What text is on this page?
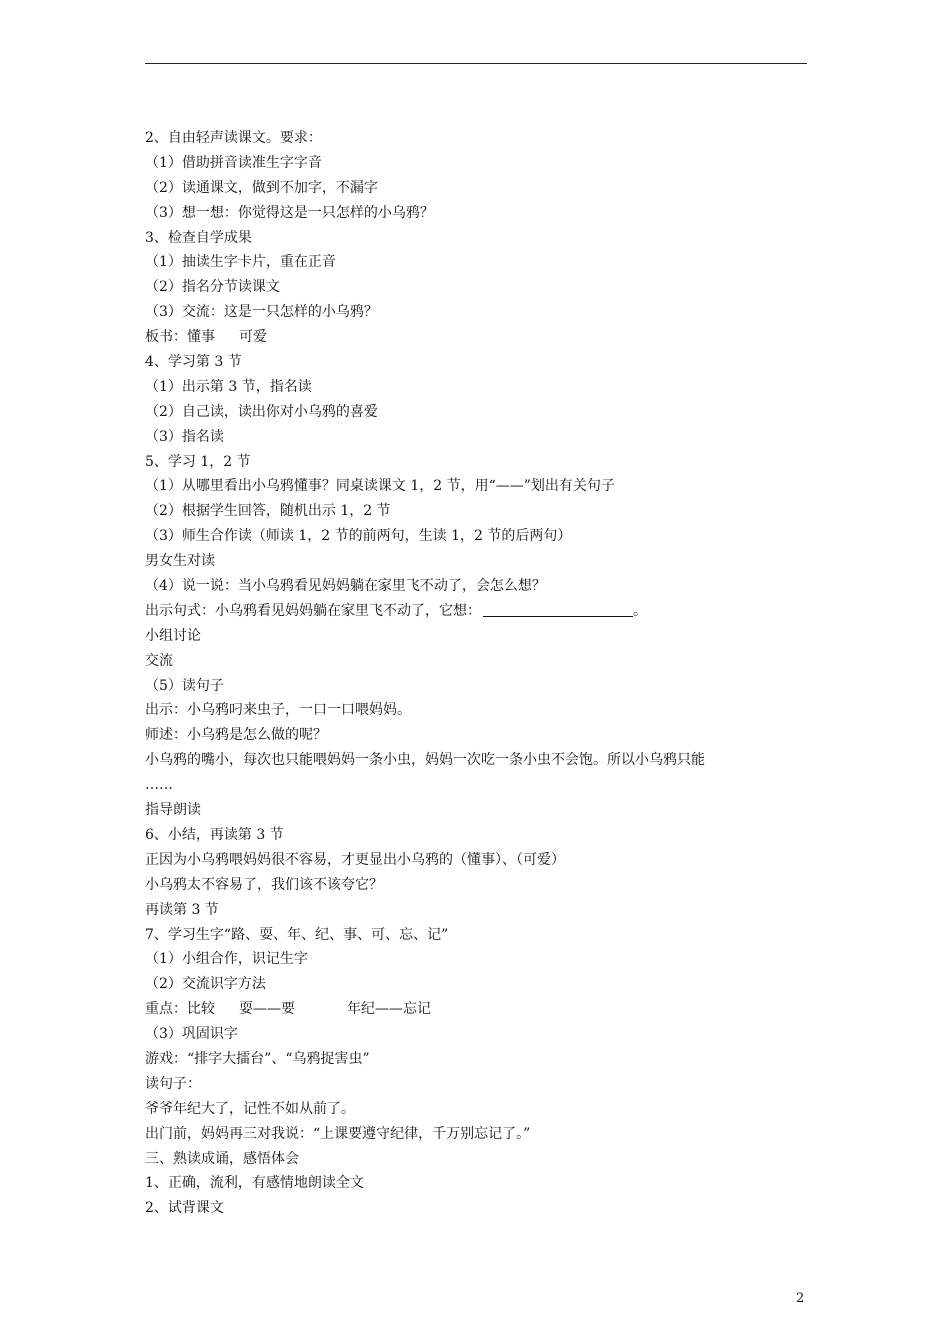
2、自由轻声读课文。要求：
（1）借助拼音读准生字字音
（2）读通课文，做到不加字，不漏字
（3）想一想：你觉得这是一只怎样的小乌鸦？
3、检查自学成果
（1）抽读生字卡片，重在正音
（2）指名分节读课文
（3）交流：这是一只怎样的小乌鸦？
板书：懂事 可爱
4、学习第 3 节
（1）出示第 3 节，指名读
（2）自己读，读出你对小乌鸦的喜爱
（3）指名读
5、学习 1，2 节
（1）从哪里看出小乌鸦懂事？同桌读课文 1，2 节，用“——”划出有关句子
（2）根据学生回答，随机出示 1，2 节
（3）师生合作读（师读 1，2 节的前两句，生读 1，2 节的后两句）
男女生对读
（4）说一说：当小乌鸦看见妈妈躺在家里飞不动了，会怎么想？
出示句式：小乌鸦看见妈妈躺在家里飞不动了，它想：	。
小组讨论
交流
（5）读句子
出示：小乌鸦叼来虫子，一口一口喂妈妈。
师述：小乌鸦是怎么做的呢？
小乌鸦的嘴小，每次也只能喂妈妈一条小虫，妈妈一次吃一条小虫不会饱。所以小乌鸦只能
……
指导朗读
6、小结，再读第 3 节
正因为小乌鸦喂妈妈很不容易，才更显出小乌鸦的（懂事）、（可爱）
小乌鸦太不容易了，我们该不该夸它？
再读第 3 节
7、学习生字“路、耍、年、纪、事、可、忘、记”
（1）小组合作，识记生字
（2）交流识字方法
重点：比较 耍——要	年纪——忘记
（3）巩固识字
游戏：“排字大擂台”、“乌鸦捉害虫”
读句子：
爷爷年纪大了，记性不如从前了。
出门前，妈妈再三对我说：“上课要遵守纪律，千万别忘记了。”
三、熟读成诵，感悟体会
1、正确，流利，有感情地朗读全文
2、试背课文
2
